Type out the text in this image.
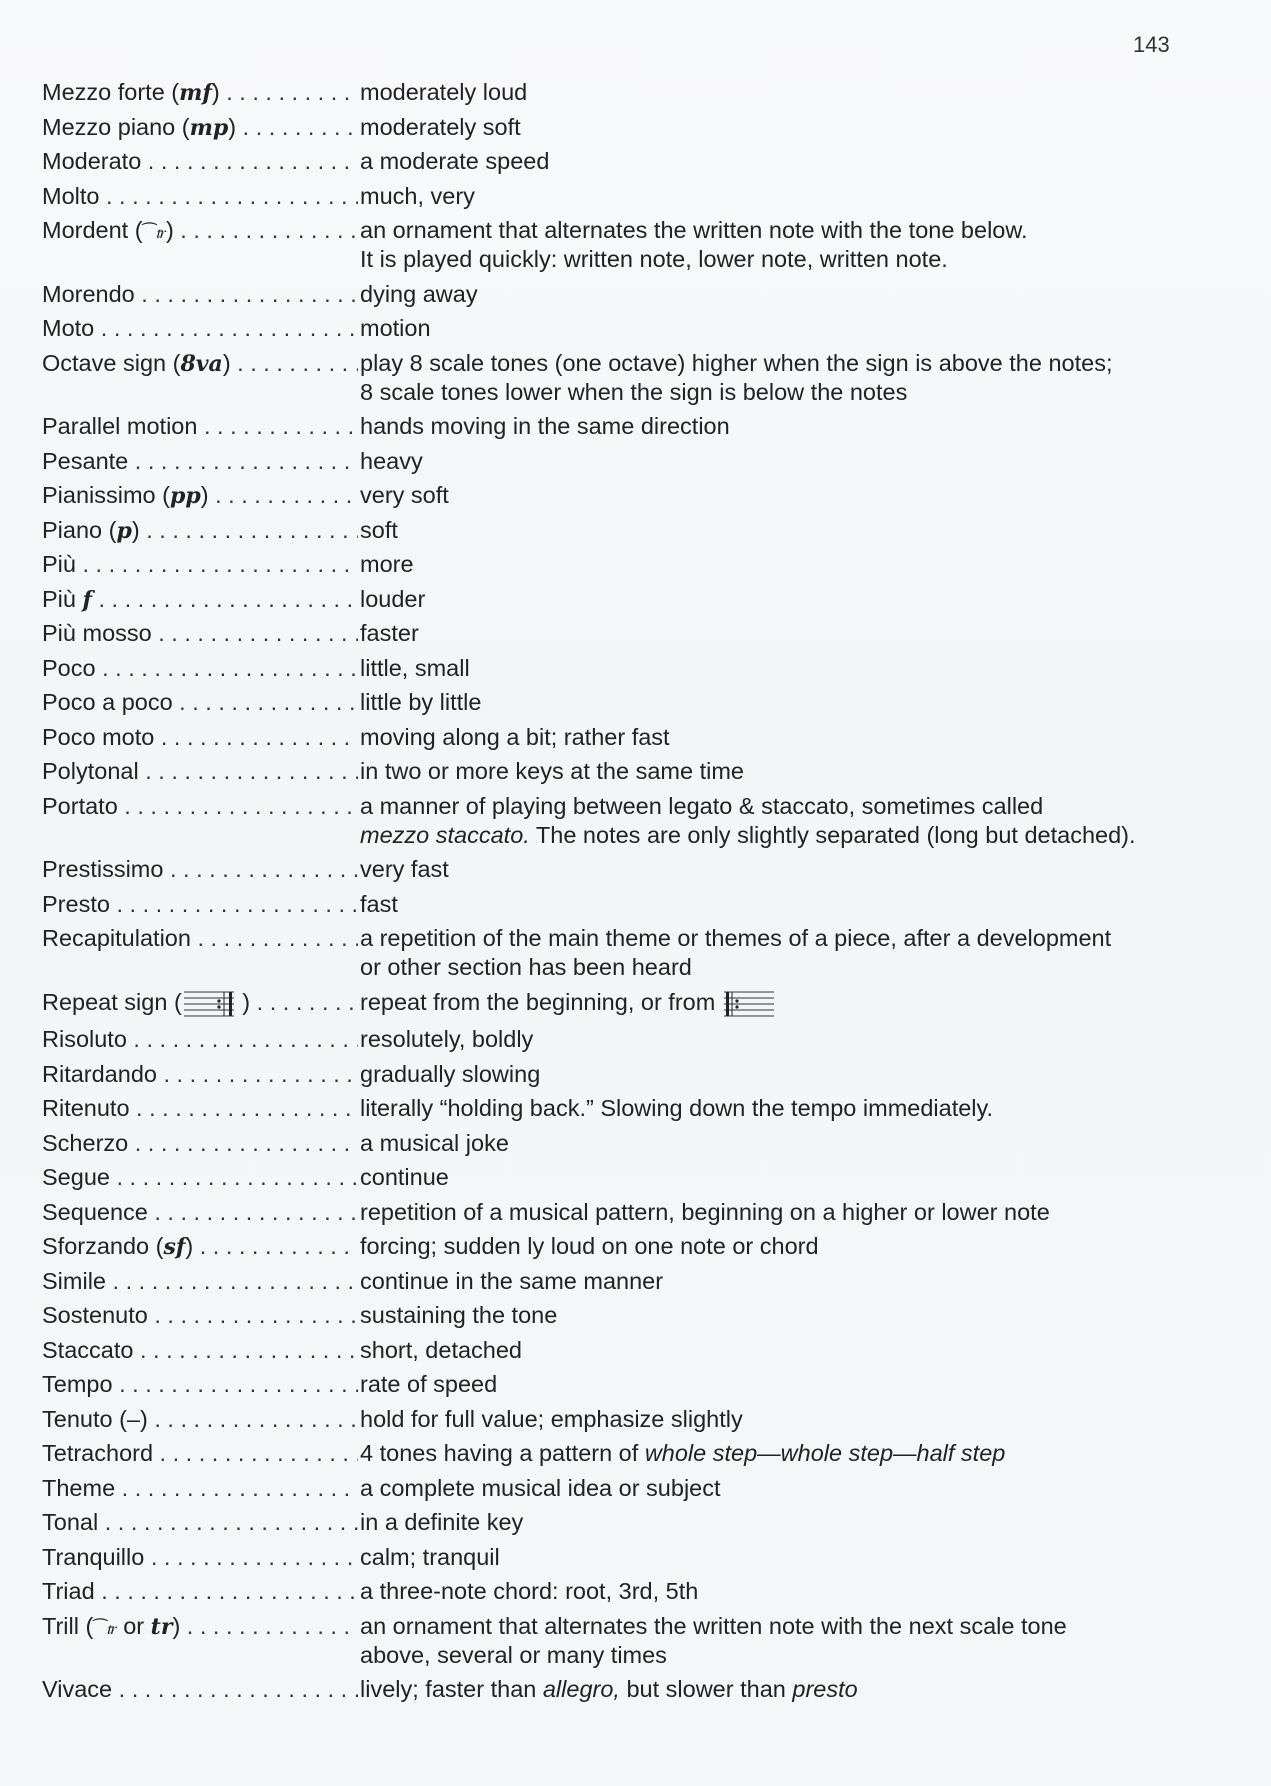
143
Mezzo forte (mf) . . .	moderately loud
Mezzo piano (mp) . . .	moderately soft
Moderato . . .	a moderate speed
Molto . . .	much, very
Mordent (⁀𝆖) . . .	an ornament that alternates the written note with the tone below.
It is played quickly: written note, lower note, written note.
Morendo . . .	dying away
Moto . . .	motion
Octave sign (8va) . . .	play 8 scale tones (one octave) higher when the sign is above the notes;
8 scale tones lower when the sign is below the notes
Parallel motion . . .	hands moving in the same direction
Pesante . . .	heavy
Pianissimo (pp) . . .	very soft
Piano (p) . . .	soft
Più . . .	more
Più f . . .	louder
Più mosso . . .	faster
Poco . . .	little, small
Poco a poco . . .	little by little
Poco moto . . .	moving along a bit; rather fast
Polytonal . . .	in two or more keys at the same time
Portato . . .	a manner of playing between legato & staccato, sometimes called
mezzo staccato. The notes are only slightly separated (long but detached).
Prestissimo . . .	very fast
Presto . . .	fast
Recapitulation . . .	a repetition of the main theme or themes of a piece, after a development
or other section has been heard
Repeat sign (
) . . .	repeat from the beginning, or from
Risoluto . . .	resolutely, boldly
Ritardando . . .	gradually slowing
Ritenuto . . .	literally “holding back.” Slowing down the tempo immediately.
Scherzo . . .	a musical joke
Segue . . .	continue
Sequence . . .	repetition of a musical pattern, beginning on a higher or lower note
Sforzando (sf) . . .	forcing; sudden ly loud on one note or chord
Simile . . .	continue in the same manner
Sostenuto . . .	sustaining the tone
Staccato . . .	short, detached
Tempo . . .	rate of speed
Tenuto (–) . . .	hold for full value; emphasize slightly
Tetrachord . . .	4 tones having a pattern of whole step—whole step—half step
Theme . . .	a complete musical idea or subject
Tonal . . .	in a definite key
Tranquillo . . .	calm; tranquil
Triad . . .	a three-note chord: root, 3rd, 5th
Trill (⁀𝆖 or tr) . . .	an ornament that alternates the written note with the next scale tone
above, several or many times
Vivace . . .	lively; faster than allegro, but slower than presto
